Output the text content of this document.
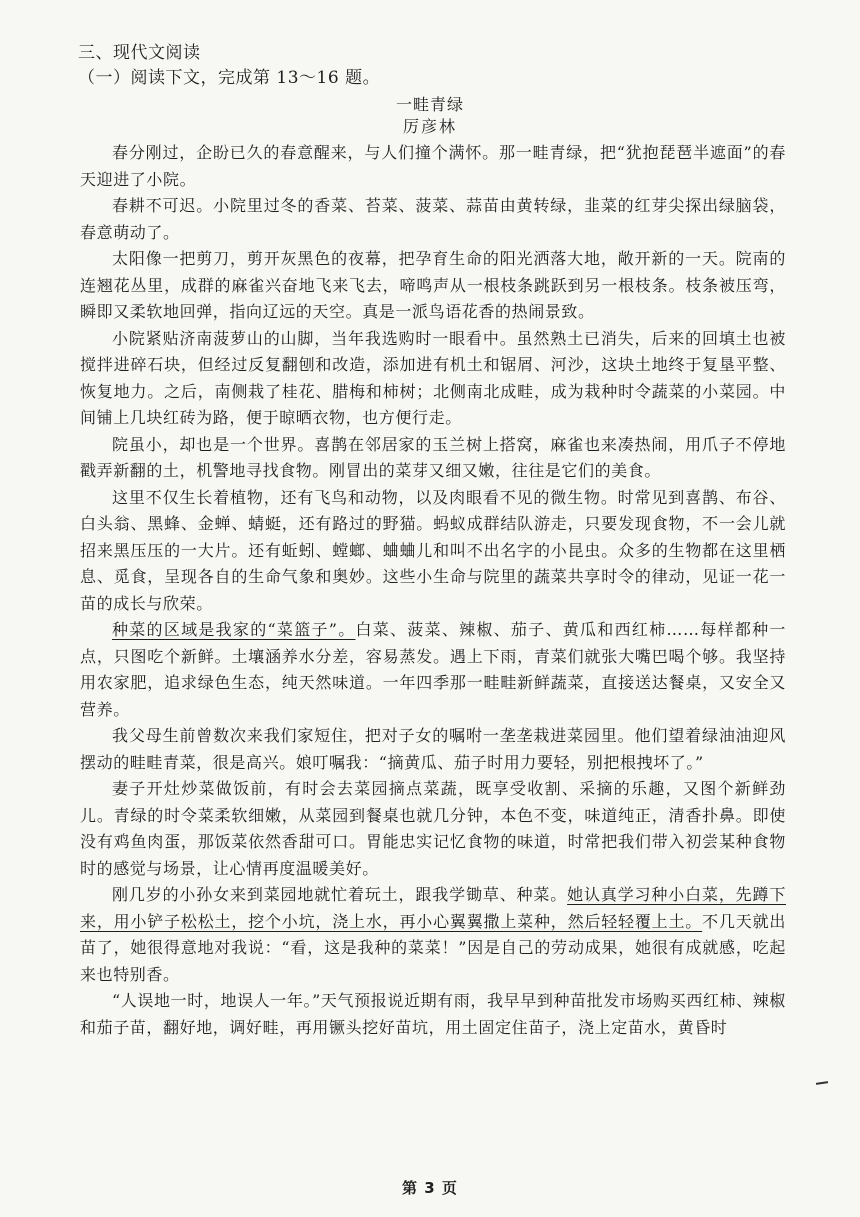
三、现代文阅读
（一）阅读下文，完成第 13～16 题。
一畦青绿
厉彦林

春分刚过，企盼已久的春意醒来，与人们撞个满怀。那一畦青绿，把“犹抱琵琶半遮面”的春天迎进了小院。

春耕不可迟。小院里过冬的香菜、苔菜、菠菜、蒜苗由黄转绿，韭菜的红芽尖探出绿脑袋，春意萌动了。

太阳像一把剪刀，剪开灰黑色的夜幕，把孕育生命的阳光洒落大地，敞开新的一天。院南的连翘花丛里，成群的麻雀兴奋地飞来飞去，啼鸣声从一根枝条跳跃到另一根枝条。枝条被压弯，瞬即又柔软地回弹，指向辽远的天空。真是一派鸟语花香的热闹景致。

小院紧贴济南菠萝山的山脚，当年我选购时一眼看中。虽然熟土已消失，后来的回填土也被搅拌进碎石块，但经过反复翻刨和改造，添加进有机土和锯屑、河沙，这块土地终于复垦平整、恢复地力。之后，南侧栽了桂花、腊梅和柿树；北侧南北成畦，成为栽种时令蔬菜的小菜园。中间铺上几块红砖为路，便于晾晒衣物，也方便行走。

院虽小，却也是一个世界。喜鹊在邻居家的玉兰树上搭窝，麻雀也来凑热闹，用爪子不停地戳弄新翻的土，机警地寻找食物。刚冒出的菜芽又细又嫩，往往是它们的美食。

这里不仅生长着植物，还有飞鸟和动物，以及肉眼看不见的微生物。时常见到喜鹊、布谷、白头翁、黑蜂、金蝉、蜻蜓，还有路过的野猫。蚂蚁成群结队游走，只要发现食物，不一会儿就招来黑压压的一大片。还有蚯蚓、螳螂、蛐蛐儿和叫不出名字的小昆虫。众多的生物都在这里栖息、觅食，呈现各自的生命气象和奥妙。这些小生命与院里的蔬菜共享时令的律动，见证一花一苗的成长与欣荣。

种菜的区域是我家的“菜篮子”。白菜、菠菜、辣椒、茄子、黄瓜和西红柿……每样都种一点，只图吃个新鲜。土壤涵养水分差，容易蒸发。遇上下雨，青菜们就张大嘴巴喝个够。我坚持用农家肥，追求绿色生态，纯天然味道。一年四季那一畦畦新鲜蔬菜，直接送达餐桌，又安全又营养。

我父母生前曾数次来我们家短住，把对子女的嘱咐一垄垄栽进菜园里。他们望着绿油油迎风摆动的畦畦青菜，很是高兴。娘叮嘱我：“摘黄瓜、茄子时用力要轻，别把根拽坏了。”

妻子开灶炒菜做饭前，有时会去菜园摘点菜蔬，既享受收割、采摘的乐趣，又图个新鲜劲儿。青绿的时令菜柔软细嫩，从菜园到餐桌也就几分钟，本色不变，味道纯正，清香扑鼻。即使没有鸡鱼肉蛋，那饭菜依然香甜可口。胃能忠实记忆食物的味道，时常把我们带入初尝某种食物时的感觉与场景，让心情再度温暖美好。

刚几岁的小孙女来到菜园地就忙着玩土，跟我学锄草、种菜。她认真学习种小白菜，先蹲下来，用小铲子松松土，挖个小坑，浇上水，再小心翼翼撒上菜种，然后轻轻覆上土。不几天就出苗了，她很得意地对我说：“看，这是我种的菜菜！”因是自己的劳动成果，她很有成就感，吃起来也特别香。

“人误地一时，地误人一年。”天气预报说近期有雨，我早早到种苗批发市场购买西红柿、辣椒和茄子苗，翻好地，调好畦，再用镢头挖好苗坑，用土固定住苗子，浇上定苗水，黄昏时

第 3 页
